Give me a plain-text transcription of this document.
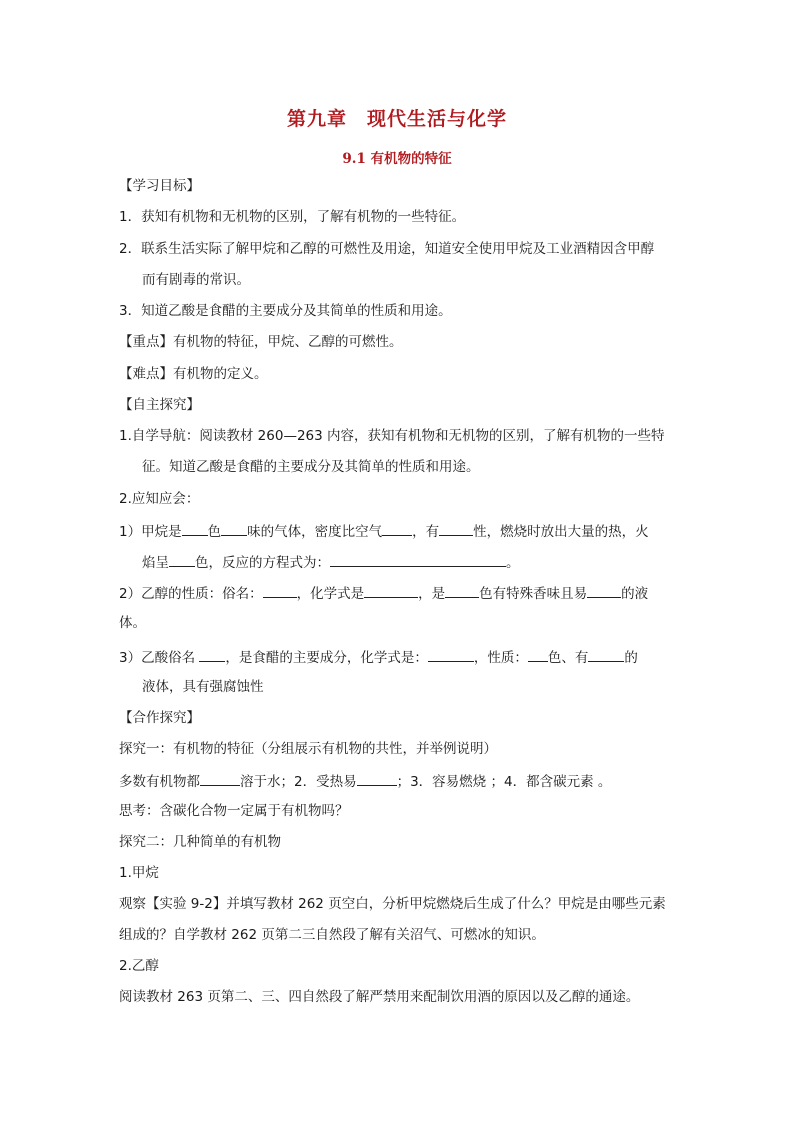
第九章　现代生活与化学
9.1 有机物的特征
【学习目标】
1．获知有机物和无机物的区别，了解有机物的一些特征。
2．联系生活实际了解甲烷和乙醇的可燃性及用途，知道安全使用甲烷及工业酒精因含甲醇
而有剧毒的常识。
3．知道乙酸是食醋的主要成分及其简单的性质和用途。
【重点】有机物的特征，甲烷、乙醇的可燃性。
【难点】有机物的定义。
【自主探究】
1.自学导航：阅读教材 260—263 内容，获知有机物和无机物的区别，了解有机物的一些特
征。知道乙酸是食醋的主要成分及其简单的性质和用途。
2.应知应会：
1）甲烷是 色 味的气体，密度比空气 ，有	性，燃烧时放出大量的热，火
焰呈 色，反应的方程式为：	。
2）乙醇的性质：俗名：	，化学式是	，是	色有特殊香味且易	的液
体。
3）乙酸俗名 ，是食醋的主要成分，化学式是：	，性质： 色、有	的
液体，具有强腐蚀性
【合作探究】
探究一：有机物的特征（分组展示有机物的共性，并举例说明）
多数有机物都	溶于水；2．受热易	；3．容易燃烧 ；4．都含碳元素 。
思考：含碳化合物一定属于有机物吗？
探究二：几种简单的有机物
1.甲烷
观察【实验 9-2】并填写教材 262 页空白，分析甲烷燃烧后生成了什么？甲烷是由哪些元素
组成的？自学教材 262 页第二三自然段了解有关沼气、可燃冰的知识。
2.乙醇
阅读教材 263 页第二、三、四自然段了解严禁用来配制饮用酒的原因以及乙醇的通途。
